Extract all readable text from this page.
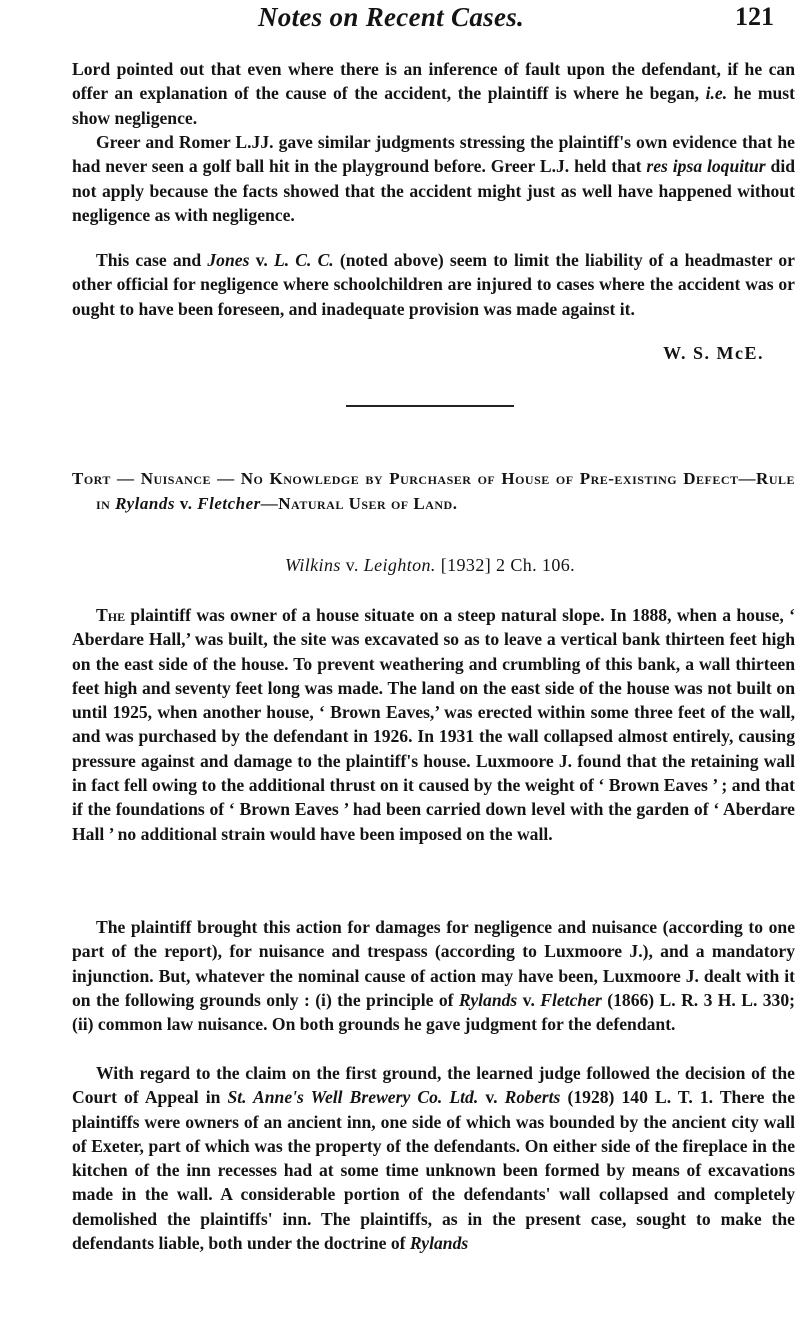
Notes on Recent Cases.	121

Lord pointed out that even where there is an inference of fault upon the defendant, if he can offer an explanation of the cause of the accident, the plaintiff is where he began, i.e. he must show negligence.

Greer and Romer L.JJ. gave similar judgments stressing the plaintiff's own evidence that he had never seen a golf ball hit in the playground before. Greer L.J. held that res ipsa loquitur did not apply because the facts showed that the accident might just as well have happened without negligence as with negligence.

This case and Jones v. L. C. C. (noted above) seem to limit the liability of a headmaster or other official for negligence where schoolchildren are injured to cases where the accident was or ought to have been foreseen, and inadequate provision was made against it.

W. S. McE.

Tort — Nuisance — No Knowledge by Purchaser of House of Pre-existing Defect—Rule in Rylands v. Fletcher—Natural User of Land.

Wilkins v. Leighton. [1932] 2 Ch. 106.

The plaintiff was owner of a house situate on a steep natural slope. In 1888, when a house, ‘ Aberdare Hall,’ was built, the site was excavated so as to leave a vertical bank thirteen feet high on the east side of the house. To prevent weathering and crumbling of this bank, a wall thirteen feet high and seventy feet long was made. The land on the east side of the house was not built on until 1925, when another house, ‘ Brown Eaves,’ was erected within some three feet of the wall, and was purchased by the defendant in 1926. In 1931 the wall collapsed almost entirely, causing pressure against and damage to the plaintiff's house. Luxmoore J. found that the retaining wall in fact fell owing to the additional thrust on it caused by the weight of ‘ Brown Eaves ’ ; and that if the foundations of ‘ Brown Eaves ’ had been carried down level with the garden of ‘ Aberdare Hall ’ no additional strain would have been imposed on the wall.

The plaintiff brought this action for damages for negligence and nuisance (according to one part of the report), for nuisance and trespass (according to Luxmoore J.), and a mandatory injunction. But, whatever the nominal cause of action may have been, Luxmoore J. dealt with it on the following grounds only : (i) the principle of Rylands v. Fletcher (1866) L. R. 3 H. L. 330; (ii) common law nuisance. On both grounds he gave judgment for the defendant.

With regard to the claim on the first ground, the learned judge followed the decision of the Court of Appeal in St. Anne's Well Brewery Co. Ltd. v. Roberts (1928) 140 L. T. 1. There the plaintiffs were owners of an ancient inn, one side of which was bounded by the ancient city wall of Exeter, part of which was the property of the defendants. On either side of the fireplace in the kitchen of the inn recesses had at some time unknown been formed by means of excavations made in the wall. A considerable portion of the defendants' wall collapsed and completely demolished the plaintiffs' inn. The plaintiffs, as in the present case, sought to make the defendants liable, both under the doctrine of Rylands
